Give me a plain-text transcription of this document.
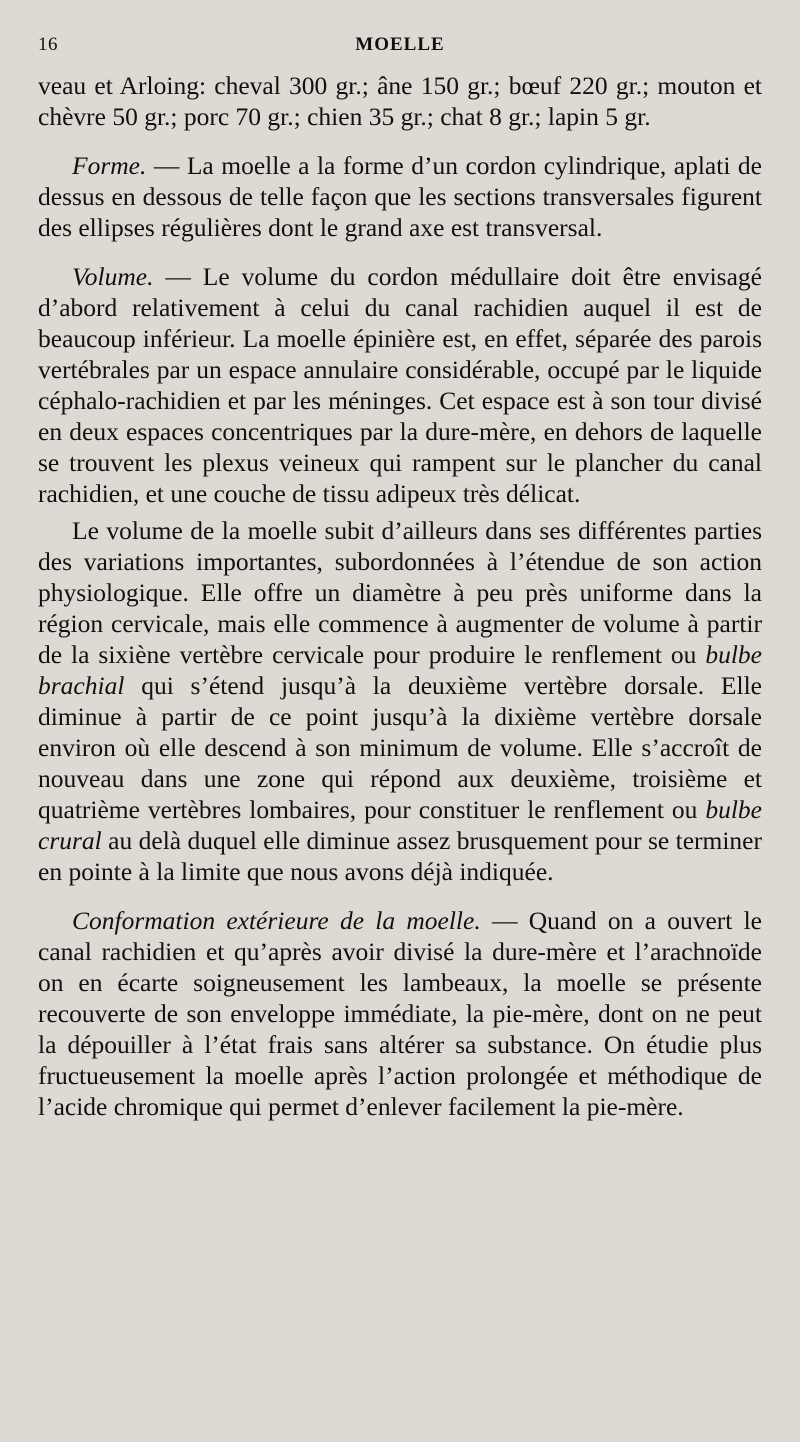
16	MOELLE

veau et Arloing: cheval 300 gr.; âne 150 gr.; bœuf 220 gr.; mouton et chèvre 50 gr.; porc 70 gr.; chien 35 gr.; chat 8 gr.; lapin 5 gr.

Forme. — La moelle a la forme d’un cordon cylindrique, aplati de dessus en dessous de telle façon que les sections transversales figurent des ellipses régulières dont le grand axe est transversal.

Volume. — Le volume du cordon médullaire doit être envisagé d’abord relativement à celui du canal rachidien auquel il est de beaucoup inférieur. La moelle épinière est, en effet, séparée des parois vertébrales par un espace annulaire considérable, occupé par le liquide céphalo-rachidien et par les méninges. Cet espace est à son tour divisé en deux espaces concentriques par la dure-mère, en dehors de laquelle se trouvent les plexus veineux qui rampent sur le plancher du canal rachidien, et une couche de tissu adipeux très délicat.

Le volume de la moelle subit d’ailleurs dans ses différentes parties des variations importantes, subordonnées à l’étendue de son action physiologique. Elle offre un diamètre à peu près uniforme dans la région cervicale, mais elle commence à augmenter de volume à partir de la sixiène vertèbre cervicale pour produire le renflement ou bulbe brachial qui s’étend jusqu’à la deuxième vertèbre dorsale. Elle diminue à partir de ce point jusqu’à la dixième vertèbre dorsale environ où elle descend à son minimum de volume. Elle s’accroît de nouveau dans une zone qui répond aux deuxième, troisième et quatrième vertèbres lombaires, pour constituer le renflement ou bulbe crural au delà duquel elle diminue assez brusquement pour se terminer en pointe à la limite que nous avons déjà indiquée.

Conformation extérieure de la moelle. — Quand on a ouvert le canal rachidien et qu’après avoir divisé la dure-mère et l’arachnoïde on en écarte soigneusement les lambeaux, la moelle se présente recouverte de son enveloppe immédiate, la pie-mère, dont on ne peut la dépouiller à l’état frais sans altérer sa substance. On étudie plus fructueusement la moelle après l’action prolongée et méthodique de l’acide chromique qui permet d’enlever facilement la pie-mère.
